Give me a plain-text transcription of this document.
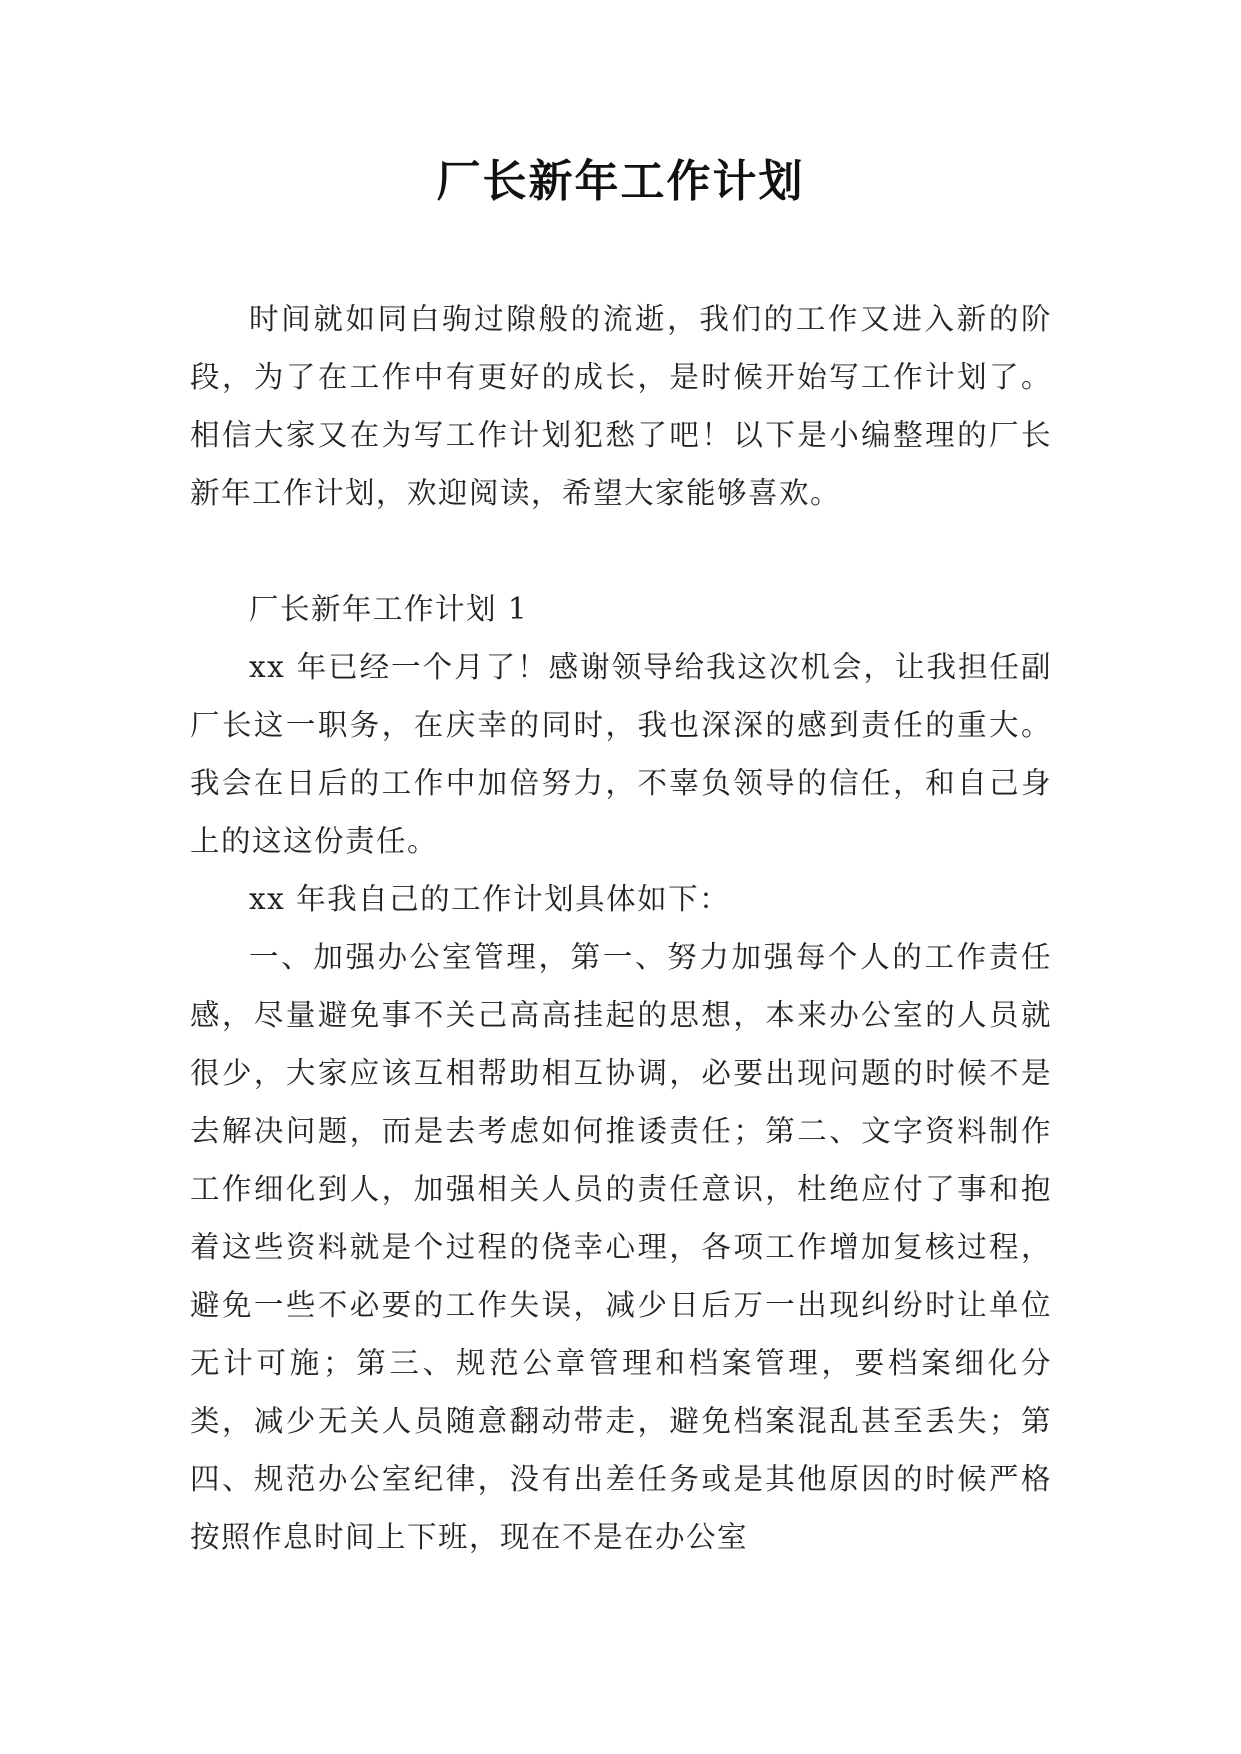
厂长新年工作计划

时间就如同白驹过隙般的流逝，我们的工作又进入新的阶段，为了在工作中有更好的成长，是时候开始写工作计划了。相信大家又在为写工作计划犯愁了吧！以下是小编整理的厂长新年工作计划，欢迎阅读，希望大家能够喜欢。

厂长新年工作计划 1

xx 年已经一个月了！感谢领导给我这次机会，让我担任副厂长这一职务，在庆幸的同时，我也深深的感到责任的重大。我会在日后的工作中加倍努力，不辜负领导的信任，和自己身上的这这份责任。

xx 年我自己的工作计划具体如下：

一、加强办公室管理，第一、努力加强每个人的工作责任感，尽量避免事不关己高高挂起的思想，本来办公室的人员就很少，大家应该互相帮助相互协调，必要出现问题的时候不是去解决问题，而是去考虑如何推诿责任；第二、文字资料制作工作细化到人，加强相关人员的责任意识，杜绝应付了事和抱着这些资料就是个过程的侥幸心理，各项工作增加复核过程，避免一些不必要的工作失误，减少日后万一出现纠纷时让单位无计可施；第三、规范公章管理和档案管理，要档案细化分类，减少无关人员随意翻动带走，避免档案混乱甚至丢失；第四、规范办公室纪律，没有出差任务或是其他原因的时候严格按照作息时间上下班，现在不是在办公室
